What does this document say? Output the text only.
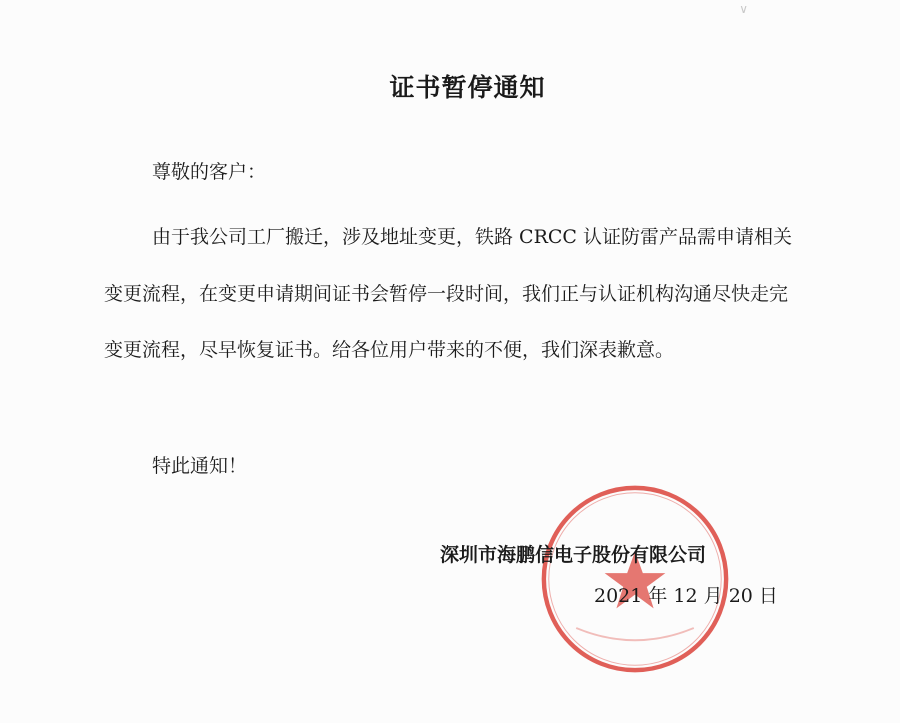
∨
证书暂停通知
尊敬的客户：
由于我公司工厂搬迁，涉及地址变更，铁路 CRCC 认证防雷产品需申请相关变更流程，在变更申请期间证书会暂停一段时间，我们正与认证机构沟通尽快走完变更流程，尽早恢复证书。给各位用户带来的不便，我们深表歉意。
特此通知！
深圳市海鹏信电子股份有限公司
2021 年 12 月 20 日
